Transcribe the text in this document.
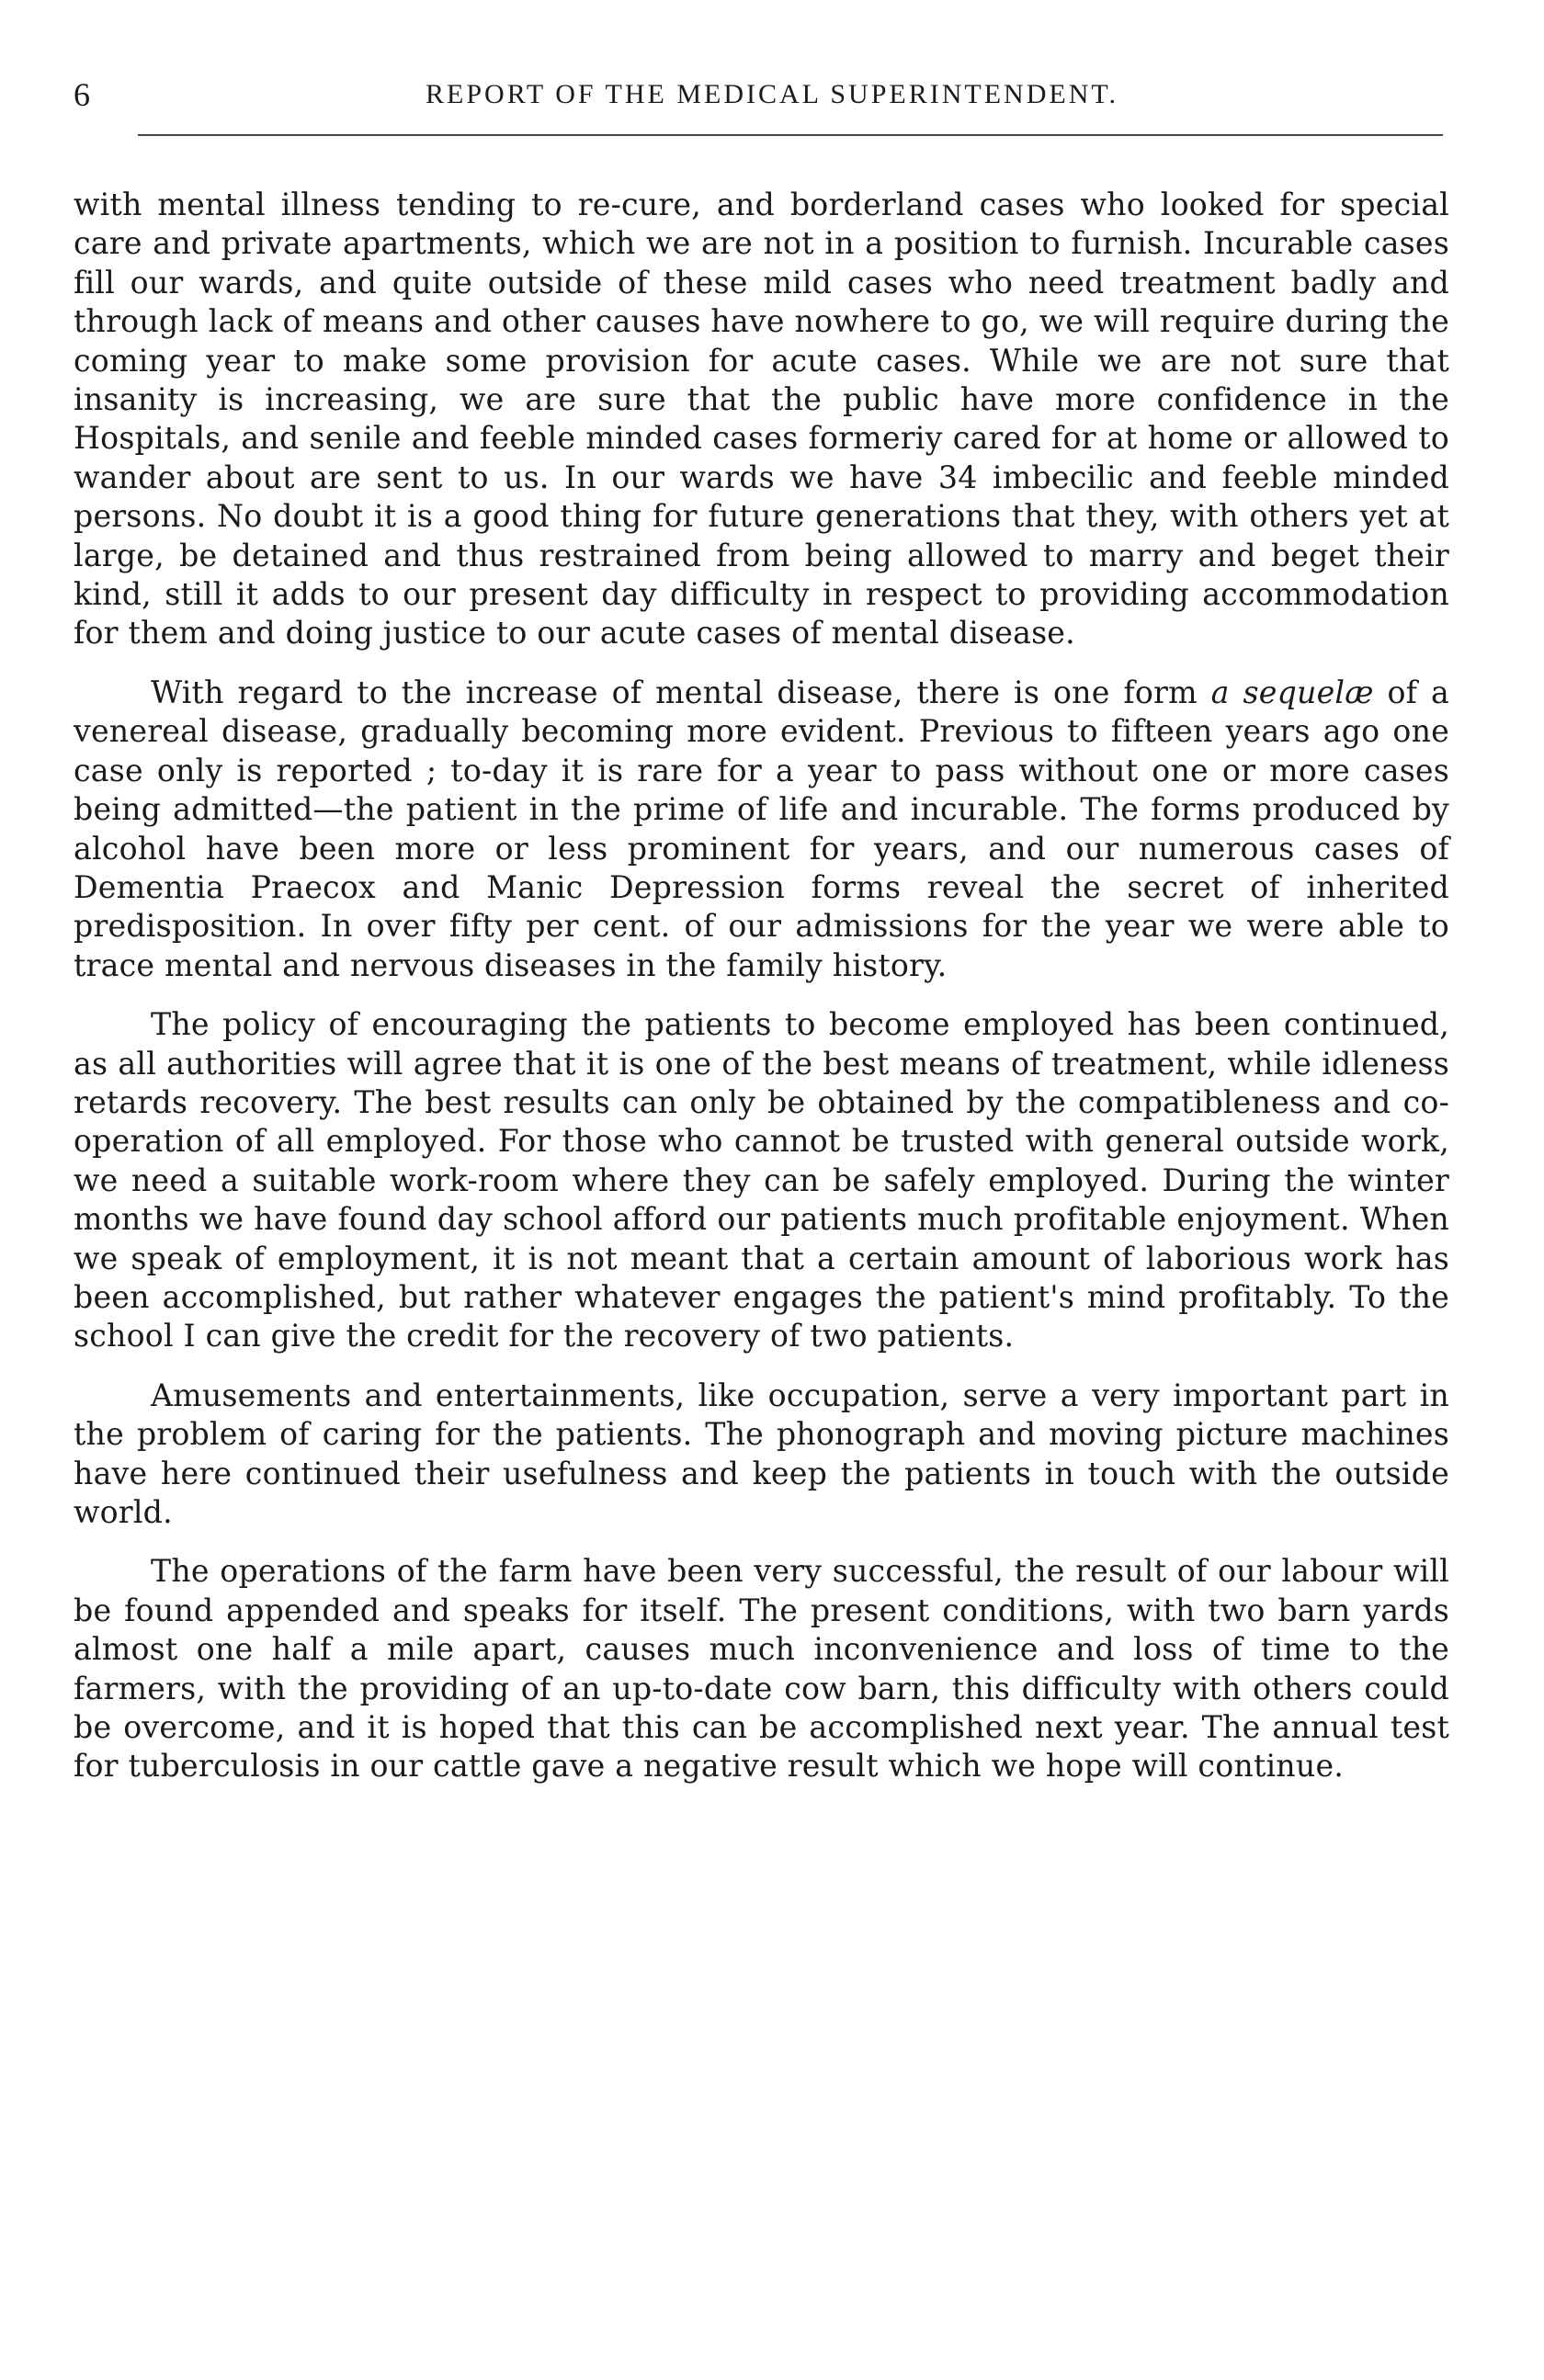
6	REPORT OF THE MEDICAL SUPERINTENDENT.

with mental illness tending to re-cure, and borderland cases who looked for special care and private apartments, which we are not in a position to furnish. Incurable cases fill our wards, and quite outside of these mild cases who need treatment badly and through lack of means and other causes have nowhere to go, we will require during the coming year to make some provision for acute cases. While we are not sure that insanity is increasing, we are sure that the public have more confidence in the Hospitals, and senile and feeble minded cases formeriy cared for at home or allowed to wander about are sent to us. In our wards we have 34 imbecilic and feeble minded persons. No doubt it is a good thing for future generations that they, with others yet at large, be detained and thus restrained from being allowed to marry and beget their kind, still it adds to our present day difficulty in respect to providing accommodation for them and doing justice to our acute cases of mental disease.

With regard to the increase of mental disease, there is one form a sequelæ of a venereal disease, gradually becoming more evident. Previous to fifteen years ago one case only is reported ; to-day it is rare for a year to pass without one or more cases being admitted—the patient in the prime of life and incurable. The forms produced by alcohol have been more or less prominent for years, and our numerous cases of Dementia Praecox and Manic Depression forms reveal the secret of inherited predisposition. In over fifty per cent. of our admissions for the year we were able to trace mental and nervous diseases in the family history.

The policy of encouraging the patients to become employed has been continued, as all authorities will agree that it is one of the best means of treatment, while idleness retards recovery. The best results can only be obtained by the compatibleness and co-operation of all employed. For those who cannot be trusted with general outside work, we need a suitable work-room where they can be safely employed. During the winter months we have found day school afford our patients much profitable enjoyment. When we speak of employment, it is not meant that a certain amount of laborious work has been accomplished, but rather whatever engages the patient's mind profitably. To the school I can give the credit for the recovery of two patients.

Amusements and entertainments, like occupation, serve a very important part in the problem of caring for the patients. The phonograph and moving picture machines have here continued their usefulness and keep the patients in touch with the outside world.

The operations of the farm have been very successful, the result of our labour will be found appended and speaks for itself. The present conditions, with two barn yards almost one half a mile apart, causes much inconvenience and loss of time to the farmers, with the providing of an up-to-date cow barn, this difficulty with others could be overcome, and it is hoped that this can be accomplished next year. The annual test for tuberculosis in our cattle gave a negative result which we hope will continue.
